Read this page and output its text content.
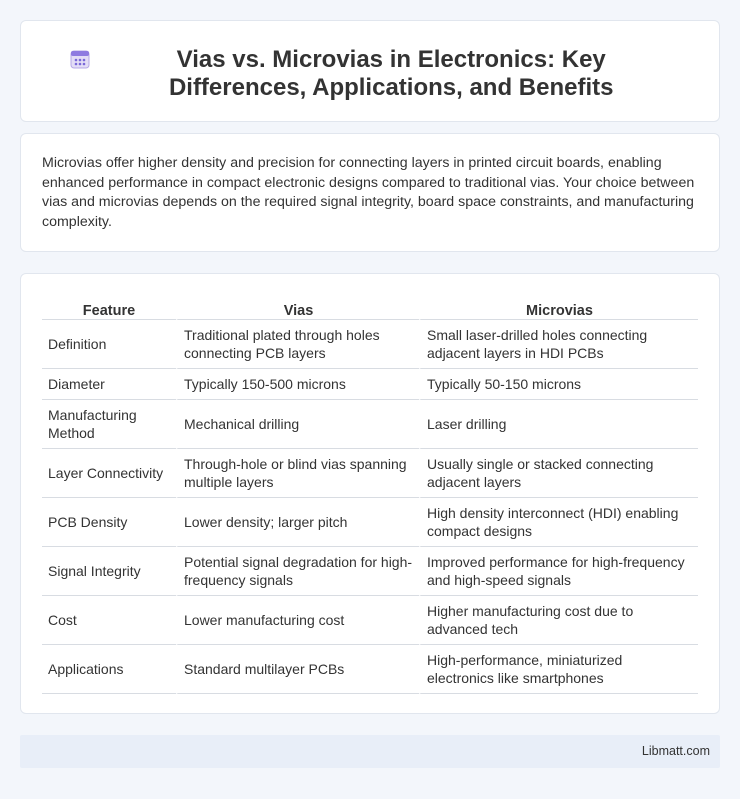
Vias vs. Microvias in Electronics: Key Differences, Applications, and Benefits

Microvias offer higher density and precision for connecting layers in printed circuit boards, enabling enhanced performance in compact electronic designs compared to traditional vias. Your choice between vias and microvias depends on the required signal integrity, board space constraints, and manufacturing complexity.

Feature	Vias	Microvias
Definition	Traditional plated through holes connecting PCB layers	Small laser-drilled holes connecting adjacent layers in HDI PCBs
Diameter	Typically 150-500 microns	Typically 50-150 microns
Manufacturing Method	Mechanical drilling	Laser drilling
Layer Connectivity	Through-hole or blind vias spanning multiple layers	Usually single or stacked connecting adjacent layers
PCB Density	Lower density; larger pitch	High density interconnect (HDI) enabling compact designs
Signal Integrity	Potential signal degradation for high-frequency signals	Improved performance for high-frequency and high-speed signals
Cost	Lower manufacturing cost	Higher manufacturing cost due to advanced tech
Applications	Standard multilayer PCBs	High-performance, miniaturized electronics like smartphones
Libmatt.com
